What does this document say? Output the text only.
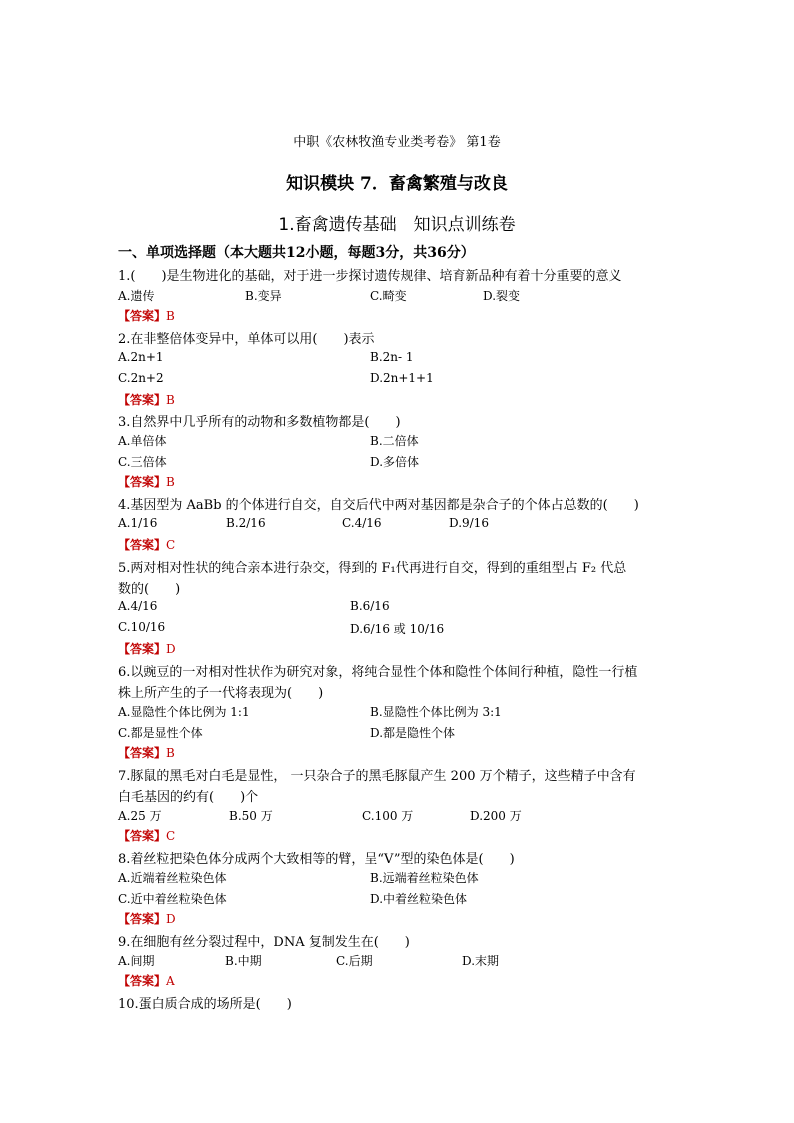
中职《农林牧渔专业类考卷》 第1卷
知识模块 7．畜禽繁殖与改良
1.畜禽遗传基础　知识点训练卷
一、单项选择题（本大题共12小题，每题3分，共36分）
1.(　　)是生物进化的基础，对于进一步探讨遗传规律、培育新品种有着十分重要的意义
A.遗传	B.变异	C.畸变	D.裂变
【答案】B
2.在非整倍体变异中，单体可以用(　　)表示
A.2n+1	B.2n- 1
C.2n+2	D.2n+1+1
【答案】B
3.自然界中几乎所有的动物和多数植物都是(　　)
A.单倍体	B.二倍体
C.三倍体	D.多倍体
【答案】B
4.基因型为 AaBb 的个体进行自交，自交后代中两对基因都是杂合子的个体占总数的(　　)
A.1/16	B.2/16	C.4/16	D.9/16
【答案】C
5.两对相对性状的纯合亲本进行杂交，得到的 F₁代再进行自交，得到的重组型占 F₂ 代总
数的(　　)
A.4/16	B.6/16
C.10/16	D.6/16 或 10/16
【答案】D
6.以豌豆的一对相对性状作为研究对象，将纯合显性个体和隐性个体间行种植，隐性一行植
株上所产生的子一代将表现为(　　)
A.显隐性个体比例为 1:1	B.显隐性个体比例为 3:1
C.都是显性个体	D.都是隐性个体
【答案】B
7.豚鼠的黑毛对白毛是显性， 一只杂合子的黑毛豚鼠产生 200 万个精子，这些精子中含有
白毛基因的约有(　　)个
A.25 万	B.50 万	C.100 万	D.200 万
【答案】C
8.着丝粒把染色体分成两个大致相等的臂，呈“V”型的染色体是(　　)
A.近端着丝粒染色体	B.远端着丝粒染色体
C.近中着丝粒染色体	D.中着丝粒染色体
【答案】D
9.在细胞有丝分裂过程中，DNA 复制发生在(　　)
A.间期	B.中期	C.后期	D.末期
【答案】A
10.蛋白质合成的场所是(　　)
